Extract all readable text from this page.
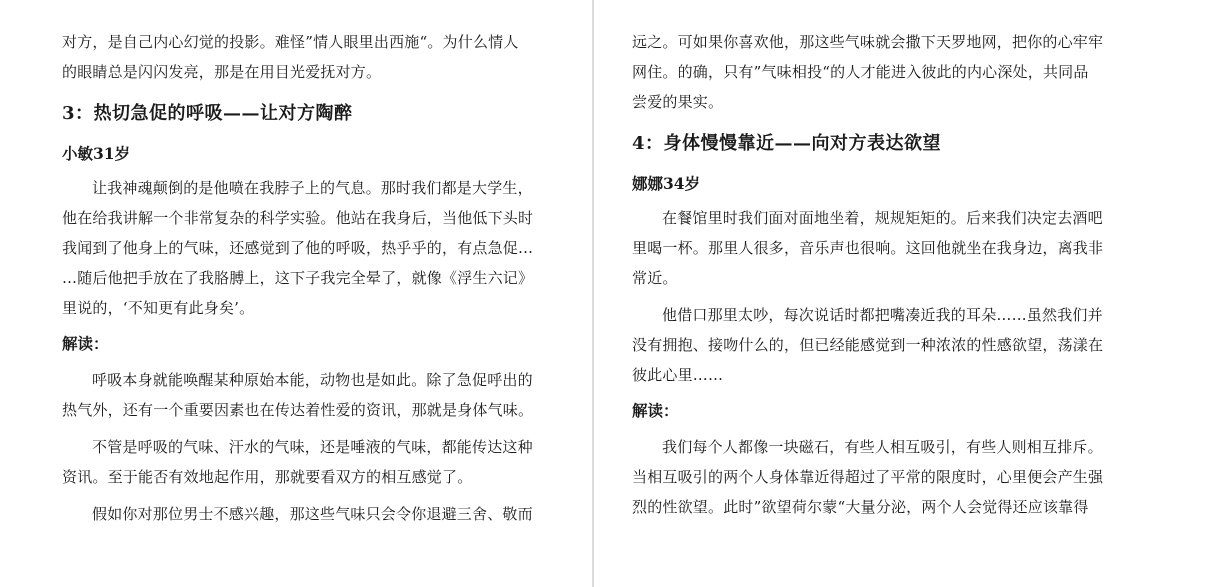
对方，是自己内心幻觉的投影。难怪”情人眼里出西施“。为什么情人
的眼睛总是闪闪发亮，那是在用目光爱抚对方。
3：热切急促的呼吸——让对方陶醉
小敏31岁
让我神魂颠倒的是他喷在我脖子上的气息。那时我们都是大学生，
他在给我讲解一个非常复杂的科学实验。他站在我身后，当他低下头时
我闻到了他身上的气味，还感觉到了他的呼吸，热乎乎的，有点急促…
…随后他把手放在了我胳膊上，这下子我完全晕了，就像《浮生六记》
里说的，‘不知更有此身矣’。
解读：
呼吸本身就能唤醒某种原始本能，动物也是如此。除了急促呼出的
热气外，还有一个重要因素也在传达着性爱的资讯，那就是身体气味。
不管是呼吸的气味、汗水的气味，还是唾液的气味，都能传达这种
资讯。至于能否有效地起作用，那就要看双方的相互感觉了。
假如你对那位男士不感兴趣，那这些气味只会令你退避三舍、敬而
远之。可如果你喜欢他，那这些气味就会撒下天罗地网，把你的心牢牢
网住。的确，只有”气味相投“的人才能进入彼此的内心深处，共同品
尝爱的果实。
4：身体慢慢靠近——向对方表达欲望
娜娜34岁
在餐馆里时我们面对面地坐着，规规矩矩的。后来我们决定去酒吧
里喝一杯。那里人很多，音乐声也很响。这回他就坐在我身边，离我非
常近。
他借口那里太吵，每次说话时都把嘴凑近我的耳朵……虽然我们并
没有拥抱、接吻什么的，但已经能感觉到一种浓浓的性感欲望，荡漾在
彼此心里……
解读：
我们每个人都像一块磁石，有些人相互吸引，有些人则相互排斥。
当相互吸引的两个人身体靠近得超过了平常的限度时，心里便会产生强
烈的性欲望。此时”欲望荷尔蒙“大量分泌，两个人会觉得还应该靠得
